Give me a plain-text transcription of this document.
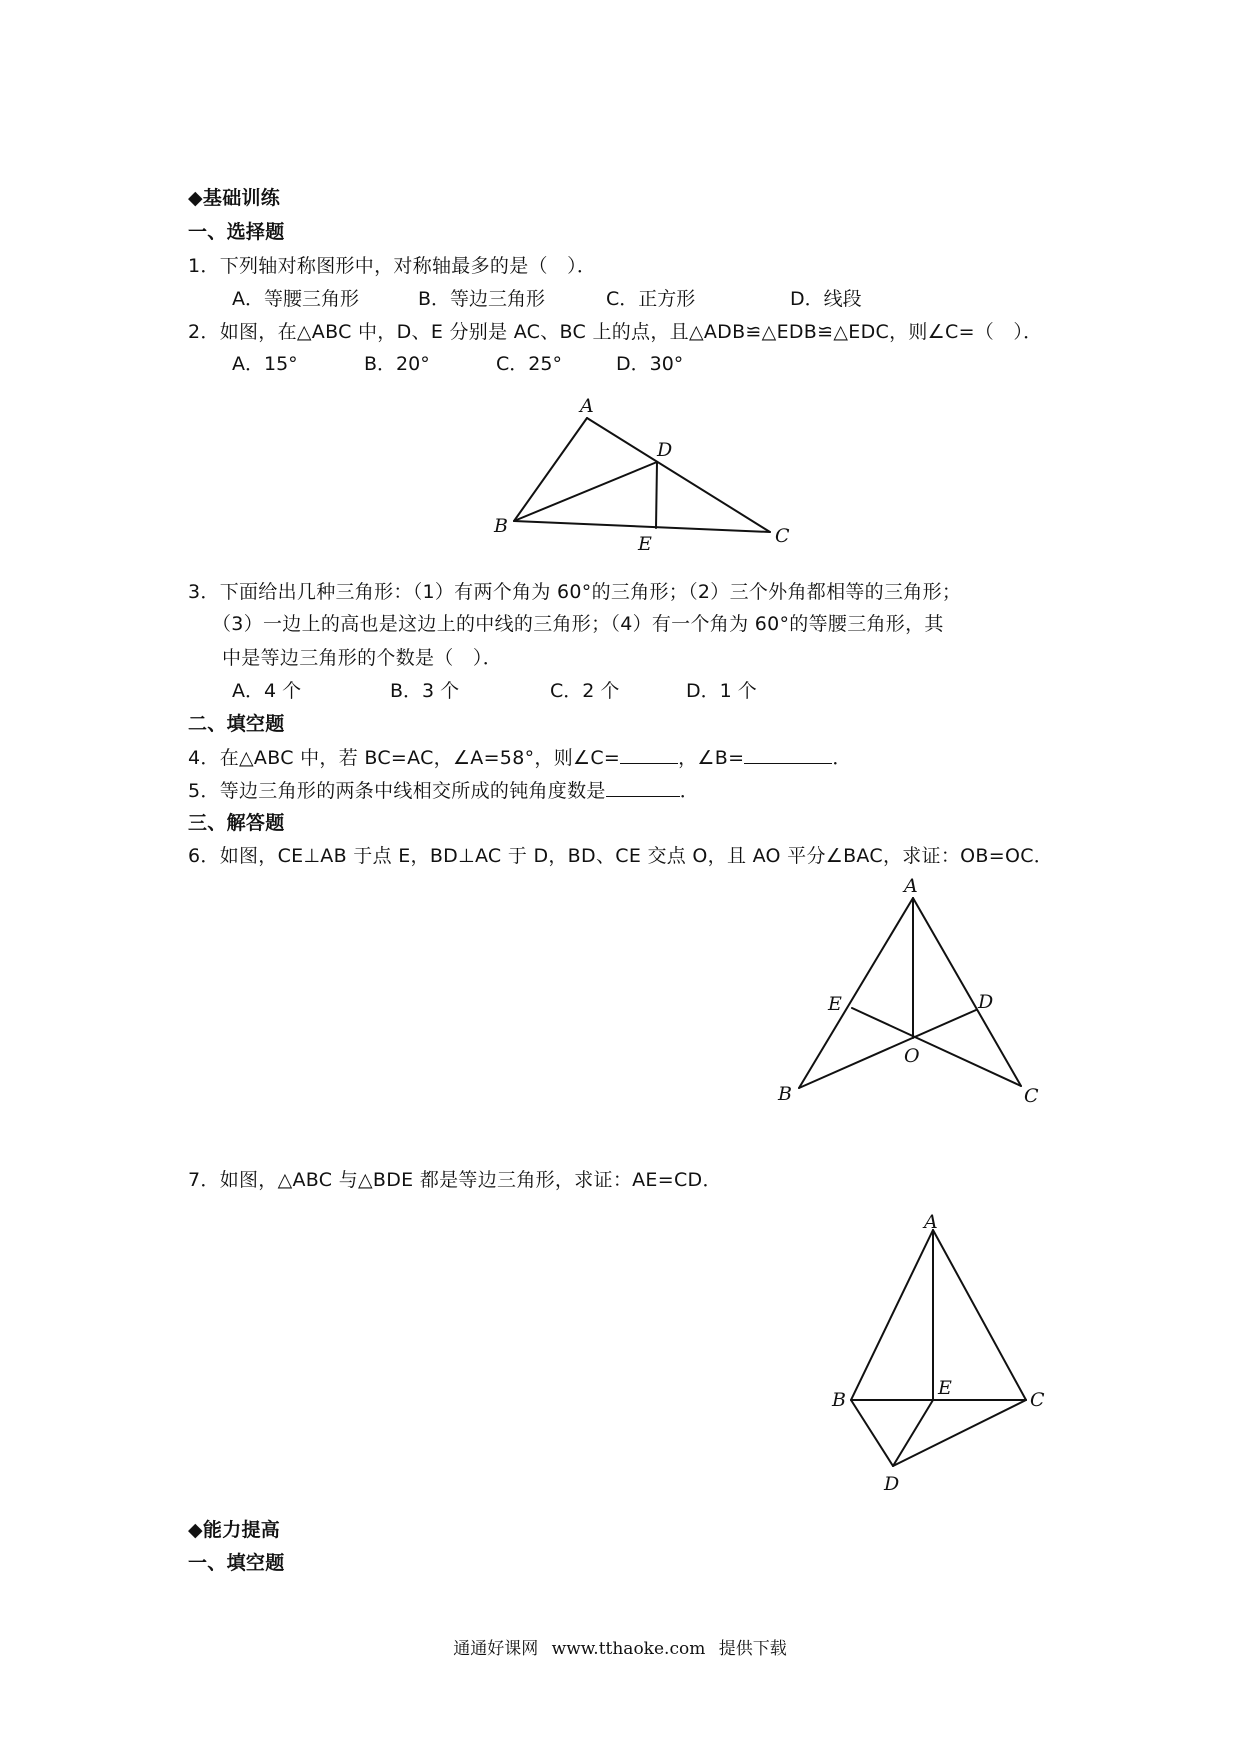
◆基础训练
一、选择题
1．下列轴对称图形中，对称轴最多的是（　）．
A．等腰三角形	B．等边三角形	C．正方形	D．线段
2．如图，在△ABC 中，D、E 分别是 AC、BC 上的点，且△ADB≌△EDB≌△EDC，则∠C=（　）．
A．15°	B．20°	C．25°	D．30°
A
B	C
D
E
3．下面给出几种三角形：（1）有两个角为 60°的三角形；（2）三个外角都相等的三角形；
（3）一边上的高也是这边上的中线的三角形；（4）有一个角为 60°的等腰三角形，其
中是等边三角形的个数是（　）．
A．4 个	B．3 个	C．2 个	D．1 个
二、填空题
4．在△ABC 中，若 BC=AC，∠A=58°，则∠C=	，∠B=	．
5．等边三角形的两条中线相交所成的钝角度数是	．
三、解答题
6．如图，CE⊥AB 于点 E，BD⊥AC 于 D，BD、CE 交点 O，且 AO 平分∠BAC，求证：OB=OC．
A
B	C
D
E
O
7．如图，△ABC 与△BDE 都是等边三角形，求证：AE=CD．
A
B	C
D
E
◆能力提高
一、填空题
通通好课网 www.tthaoke.com 提供下载
